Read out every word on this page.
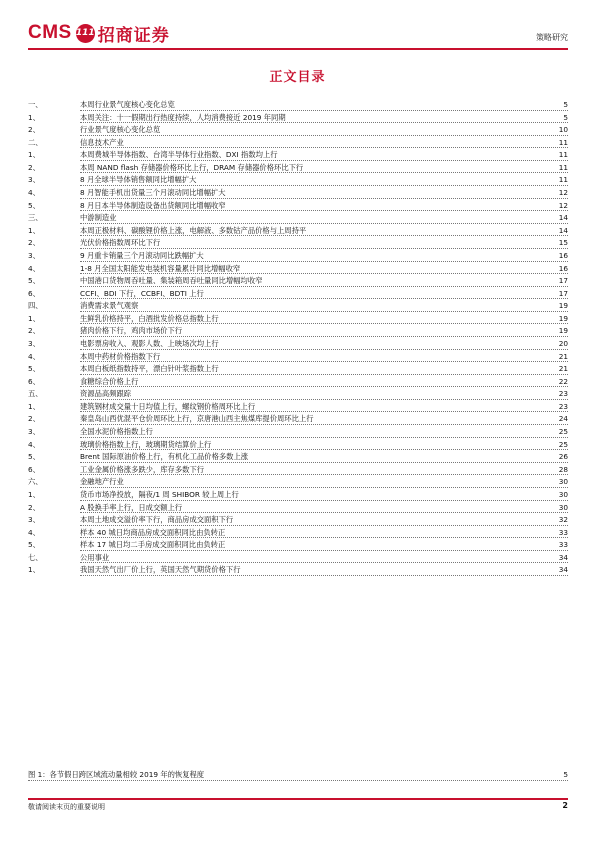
CMS 111 招商证券	策略研究
正文目录
一、	本周行业景气度核心变化总览	5
1、	本周关注：十一假期出行热度持续，人均消费接近 2019 年同期	5
2、	行业景气度核心变化总览	10
二、	信息技术产业	11
1、	本周费城半导体指数、台湾半导体行业指数、DXI 指数均上行	11
2、	本周 NAND flash 存储器价格环比上行，DRAM 存储器价格环比下行	11
3、	8 月全球半导体销售额同比增幅扩大	11
4、	8 月智能手机出货量三个月滚动同比增幅扩大	12
5、	8 月日本半导体制造设备出货额同比增幅收窄	12
三、	中游制造业	14
1、	本周正极材料、碳酸锂价格上涨，电解液、多数钴产品价格与上周持平	14
2、	光伏价格指数周环比下行	15
3、	9 月重卡销量三个月滚动同比跌幅扩大	16
4、	1-8 月全国太阳能发电装机容量累计同比增幅收窄	16
5、	中国港口货物周吞吐量、集装箱周吞吐量同比增幅均收窄	17
6、	CCFI、BDI 下行，CCBFI、BDTI 上行	17
四、	消费需求景气观察	19
1、	生鲜乳价格持平，白酒批发价格总指数上行	19
2、	猪肉价格下行，鸡肉市场价下行	19
3、	电影票房收入、观影人数、上映场次均上行	20
4、	本周中药材价格指数下行	21
5、	本周白板纸指数持平，漂白针叶浆指数上行	21
6、	食糖综合价格上行	22
五、	资源品高频跟踪	23
1、	建筑钢材成交量十日均值上行，螺纹钢价格周环比上行	23
2、	秦皇岛山西优混平仓价周环比上行，京唐港山西主焦煤库提价周环比上行	24
3、	全国水泥价格指数上行	25
4、	玻璃价格指数上行，玻璃期货结算价上行	25
5、	Brent 国际原油价格上行，有机化工品价格多数上涨	26
6、	工业金属价格涨多跌少，库存多数下行	28
六、	金融地产行业	30
1、	货币市场净投放，隔夜/1 周 SHIBOR 较上周上行	30
2、	A 股换手率上行，日成交额上行	30
3、	本周土地成交溢价率下行，商品房成交面积下行	32
4、	样本 40 城日均商品房成交面积同比由负转正	33
5、	样本 17 城日均二手房成交面积同比由负转正	33
七、	公用事业	34
1、	我国天然气出厂价上行，英国天然气期货价格下行	34
图 1：各节假日跨区域流动量相较 2019 年的恢复程度	5
敬请阅读末页的重要说明	2
